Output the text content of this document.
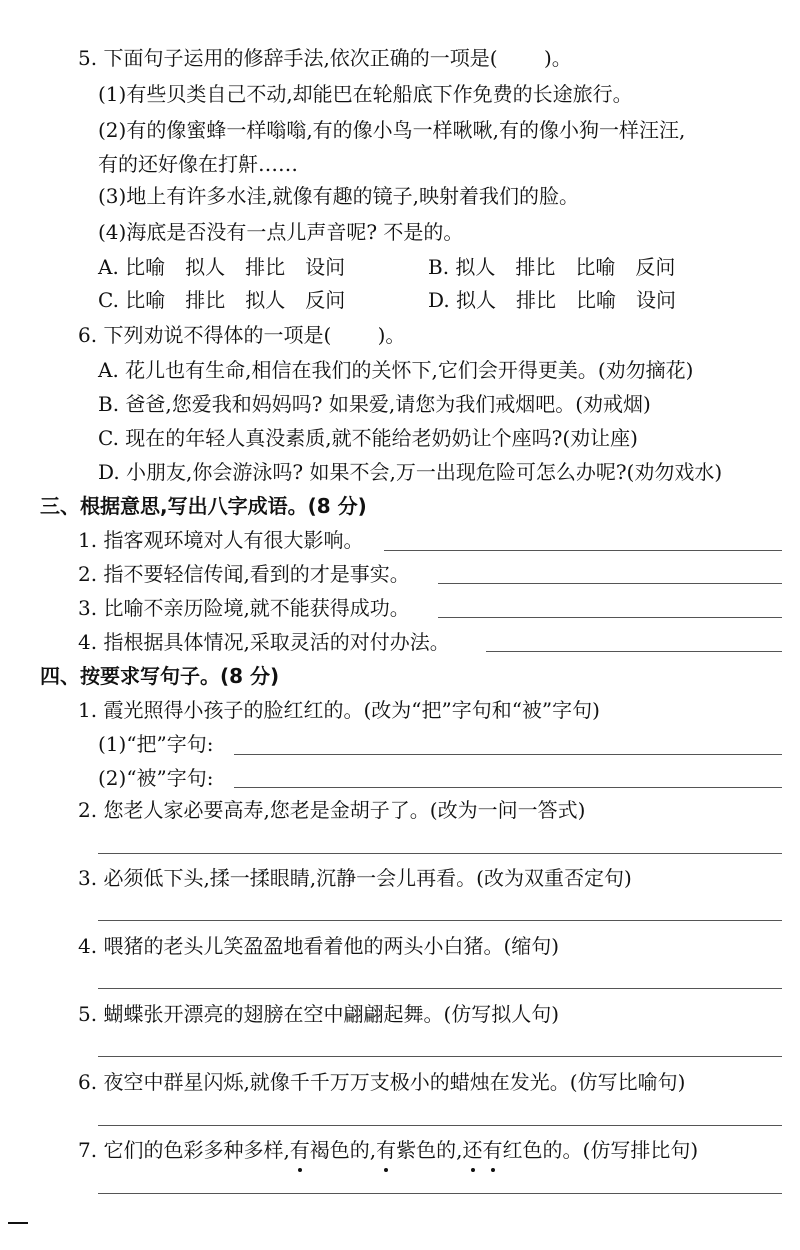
5. 下面句子运用的修辞手法,依次正确的一项是(　　 )。
(1)有些贝类自己不动,却能巴在轮船底下作免费的长途旅行。
(2)有的像蜜蜂一样嗡嗡,有的像小鸟一样啾啾,有的像小狗一样汪汪,
有的还好像在打鼾……
(3)地上有许多水洼,就像有趣的镜子,映射着我们的脸。
(4)海底是否没有一点儿声音呢? 不是的。
A. 比喻　拟人　排比　设问	B. 拟人　排比　比喻　反问
C. 比喻　排比　拟人　反问	D. 拟人　排比　比喻　设问
6. 下列劝说不得体的一项是(　　 )。
A. 花儿也有生命,相信在我们的关怀下,它们会开得更美。(劝勿摘花)
B. 爸爸,您爱我和妈妈吗? 如果爱,请您为我们戒烟吧。(劝戒烟)
C. 现在的年轻人真没素质,就不能给老奶奶让个座吗?(劝让座)
D. 小朋友,你会游泳吗? 如果不会,万一出现危险可怎么办呢?(劝勿戏水)
三、根据意思,写出八字成语。(8 分)
1. 指客观环境对人有很大影响。
2. 指不要轻信传闻,看到的才是事实。
3. 比喻不亲历险境,就不能获得成功。
4. 指根据具体情况,采取灵活的对付办法。
四、按要求写句子。(8 分)
1. 霞光照得小孩子的脸红红的。(改为“把”字句和“被”字句)
(1)“把”字句:
(2)“被”字句:
2. 您老人家必要高寿,您老是金胡子了。(改为一问一答式)
3. 必须低下头,揉一揉眼睛,沉静一会儿再看。(改为双重否定句)
4. 喂猪的老头儿笑盈盈地看着他的两头小白猪。(缩句)
5. 蝴蝶张开漂亮的翅膀在空中翩翩起舞。(仿写拟人句)
6. 夜空中群星闪烁,就像千千万万支极小的蜡烛在发光。(仿写比喻句)
7. 它们的色彩多种多样,有
褐色的,有
紫色的,还
有
红色的。(仿写排比句)
